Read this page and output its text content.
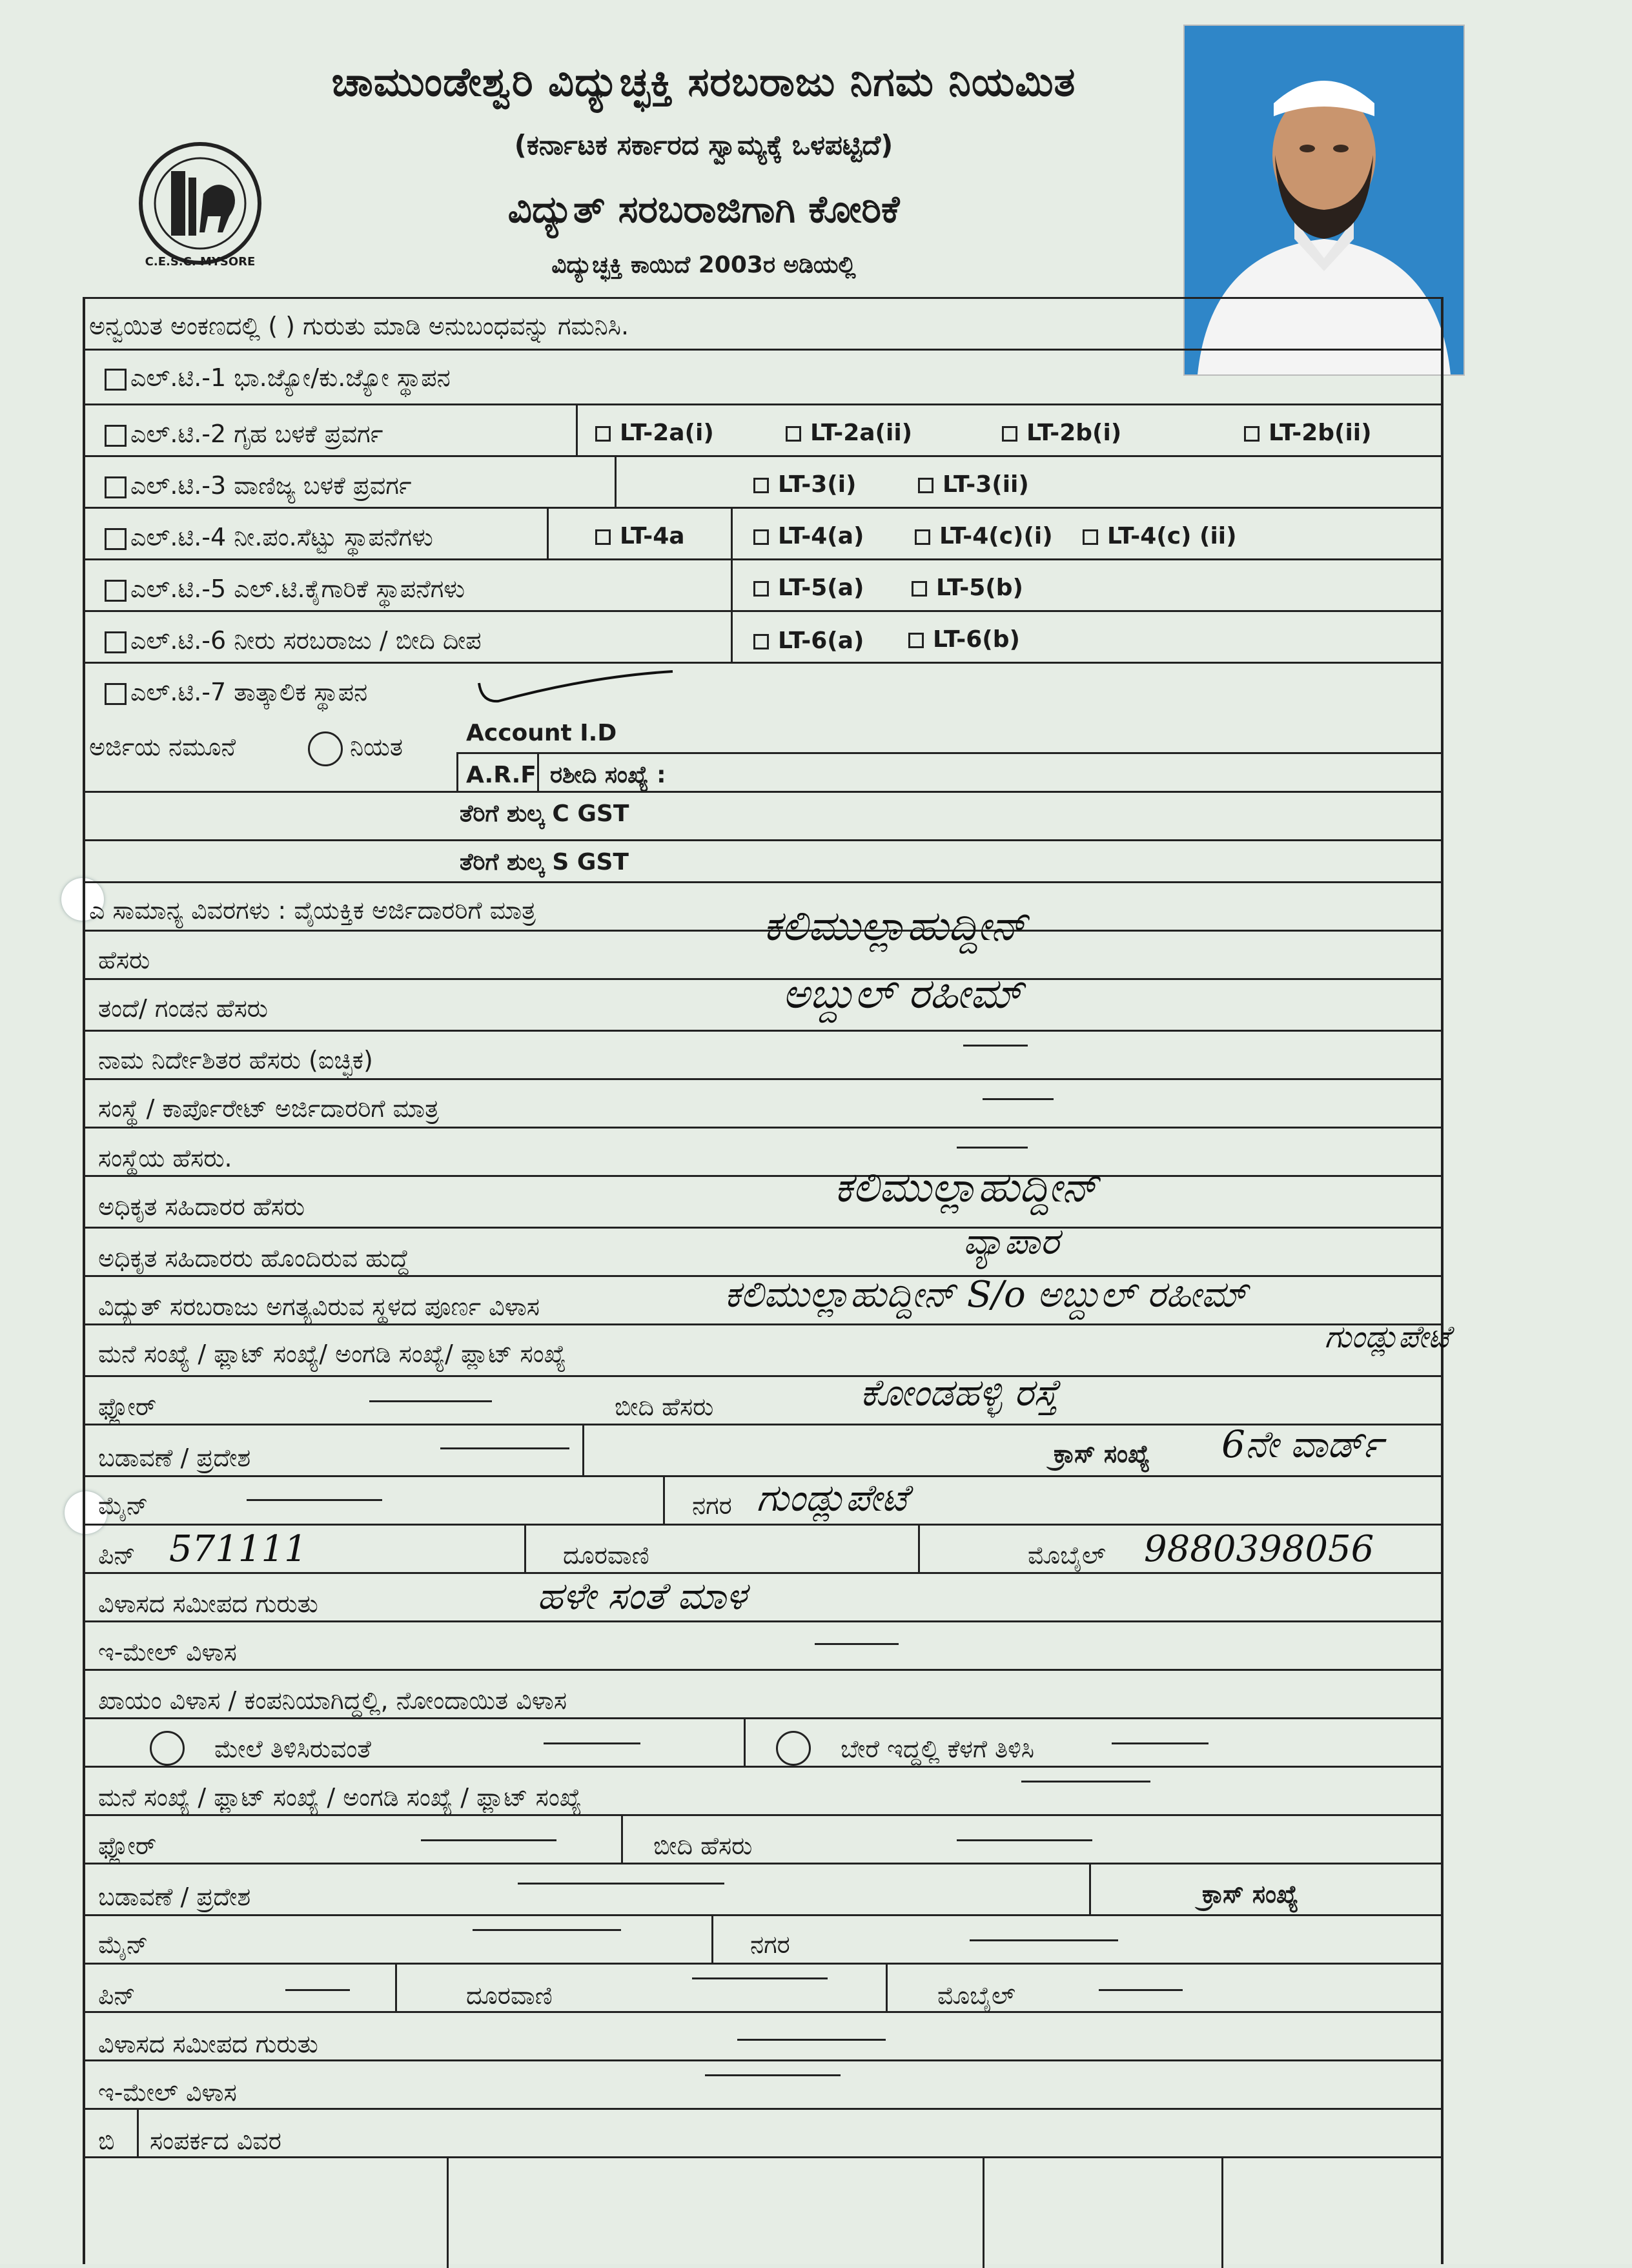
C.E.S.C. MYSORE
ಚಾಮುಂಡೇಶ್ವರಿ ವಿದ್ಯುಚ್ಛಕ್ತಿ ಸರಬರಾಜು ನಿಗಮ ನಿಯಮಿತ
(ಕರ್ನಾಟಕ ಸರ್ಕಾರದ ಸ್ವಾಮ್ಯಕ್ಕೆ ಒಳಪಟ್ಟಿದೆ)
ವಿದ್ಯುತ್ ಸರಬರಾಜಿಗಾಗಿ ಕೋರಿಕೆ
ವಿದ್ಯುಚ್ಛಕ್ತಿ ಕಾಯಿದೆ 2003ರ ಅಡಿಯಲ್ಲಿ
ಅನ್ವಯಿತ ಅಂಕಣದಲ್ಲಿ ( ) ಗುರುತು ಮಾಡಿ ಅನುಬಂಧವನ್ನು ಗಮನಿಸಿ.
ಎಲ್.ಟಿ.-1 ಭಾ.ಜ್ಯೋ/ಕು.ಜ್ಯೋ ಸ್ಥಾಪನ
ಎಲ್.ಟಿ.-2 ಗೃಹ ಬಳಕೆ ಪ್ರವರ್ಗ	LT-2a(i)	LT-2a(ii)	LT-2b(i)	LT-2b(ii)
ಎಲ್.ಟಿ.-3 ವಾಣಿಜ್ಯ ಬಳಕೆ ಪ್ರವರ್ಗ	LT-3(i)	LT-3(ii)
ಎಲ್.ಟಿ.-4 ನೀ.ಪಂ.ಸೆಟ್ಟು ಸ್ಥಾಪನೆಗಳು	LT-4a	LT-4(a)	LT-4(c)(i)	LT-4(c) (ii)
ಎಲ್.ಟಿ.-5 ಎಲ್.ಟಿ.ಕೈಗಾರಿಕೆ ಸ್ಥಾಪನೆಗಳು	LT-5(a)	LT-5(b)
ಎಲ್.ಟಿ.-6 ನೀರು ಸರಬರಾಜು / ಬೀದಿ ದೀಪ	LT-6(a)	LT-6(b)
ಎಲ್.ಟಿ.-7 ತಾತ್ಕಾಲಿಕ ಸ್ಥಾಪನ
ಅರ್ಜಿಯ ನಮೂನೆ	ನಿಯತ	Account I.D
A.R.F ರಶೀದಿ ಸಂಖ್ಯೆ :
ತೆರಿಗೆ ಶುಲ್ಕ C GST
ತೆರಿಗೆ ಶುಲ್ಕ S GST
ಎ ಸಾಮಾನ್ಯ ವಿವರಗಳು : ವೈಯಕ್ತಿಕ ಅರ್ಜಿದಾರರಿಗೆ ಮಾತ್ರ
ಹೆಸರು
ಕಲಿಮುಲ್ಲಾಹುದ್ದೀನ್
ತಂದೆ/ ಗಂಡನ ಹೆಸರು	ಅಬ್ದುಲ್ ರಹೀಮ್
ನಾಮ ನಿರ್ದೇಶಿತರ ಹೆಸರು (ಐಚ್ಛಿಕ)
ಸಂಸ್ಥೆ / ಕಾರ್ಪೊರೇಟ್ ಅರ್ಜಿದಾರರಿಗೆ ಮಾತ್ರ
ಸಂಸ್ಥೆಯ ಹೆಸರು.
ಅಧಿಕೃತ ಸಹಿದಾರರ ಹೆಸರು	ಕಲಿಮುಲ್ಲಾಹುದ್ದೀನ್
ಅಧಿಕೃತ ಸಹಿದಾರರು ಹೊಂದಿರುವ ಹುದ್ದೆ	ವ್ಯಾಪಾರ
ವಿದ್ಯುತ್ ಸರಬರಾಜು ಅಗತ್ಯವಿರುವ ಸ್ಥಳದ ಪೂರ್ಣ ವಿಳಾಸ	ಕಲಿಮುಲ್ಲಾಹುದ್ದೀನ್ S/o ಅಬ್ದುಲ್ ರಹೀಮ್
ಮನೆ ಸಂಖ್ಯೆ / ಫ್ಲಾಟ್ ಸಂಖ್ಯೆ/ ಅಂಗಡಿ ಸಂಖ್ಯೆ/ ಪ್ಲಾಟ್ ಸಂಖ್ಯೆ	ಗುಂಡ್ಲುಪೇಟೆ
ಫ್ಲೋರ್	ಬೀದಿ ಹೆಸರು	ಕೋಂಡಹಳ್ಳಿ ರಸ್ತೆ
ಬಡಾವಣೆ / ಪ್ರದೇಶ	ಕ್ರಾಸ್ ಸಂಖ್ಯೆ 6ನೇ ವಾರ್ಡ್
ಮೈನ್	ನಗರ ಗುಂಡ್ಲುಪೇಟೆ
ಪಿನ್ 571111	ದೂರವಾಣಿ	ಮೊಬೈಲ್ 9880398056
ವಿಳಾಸದ ಸಮೀಪದ ಗುರುತು	ಹಳೇ ಸಂತೆ ಮಾಳ
ಇ-ಮೇಲ್ ವಿಳಾಸ
ಖಾಯಂ ವಿಳಾಸ / ಕಂಪನಿಯಾಗಿದ್ದಲ್ಲಿ, ನೋಂದಾಯಿತ ವಿಳಾಸ
ಮೇಲೆ ತಿಳಿಸಿರುವಂತೆ	ಬೇರೆ ಇದ್ದಲ್ಲಿ ಕೆಳಗೆ ತಿಳಿಸಿ
ಮನೆ ಸಂಖ್ಯೆ / ಫ್ಲಾಟ್ ಸಂಖ್ಯೆ / ಅಂಗಡಿ ಸಂಖ್ಯೆ / ಫ್ಲಾಟ್ ಸಂಖ್ಯೆ
ಫ್ಲೋರ್	ಬೀದಿ ಹೆಸರು
ಬಡಾವಣೆ / ಪ್ರದೇಶ	ಕ್ರಾಸ್ ಸಂಖ್ಯೆ
ಮೈನ್	ನಗರ
ಪಿನ್	ದೂರವಾಣಿ	ಮೊಬೈಲ್
ವಿಳಾಸದ ಸಮೀಪದ ಗುರುತು
ಇ-ಮೇಲ್ ವಿಳಾಸ
ಬಿ ಸಂಪರ್ಕದ ವಿವರ
